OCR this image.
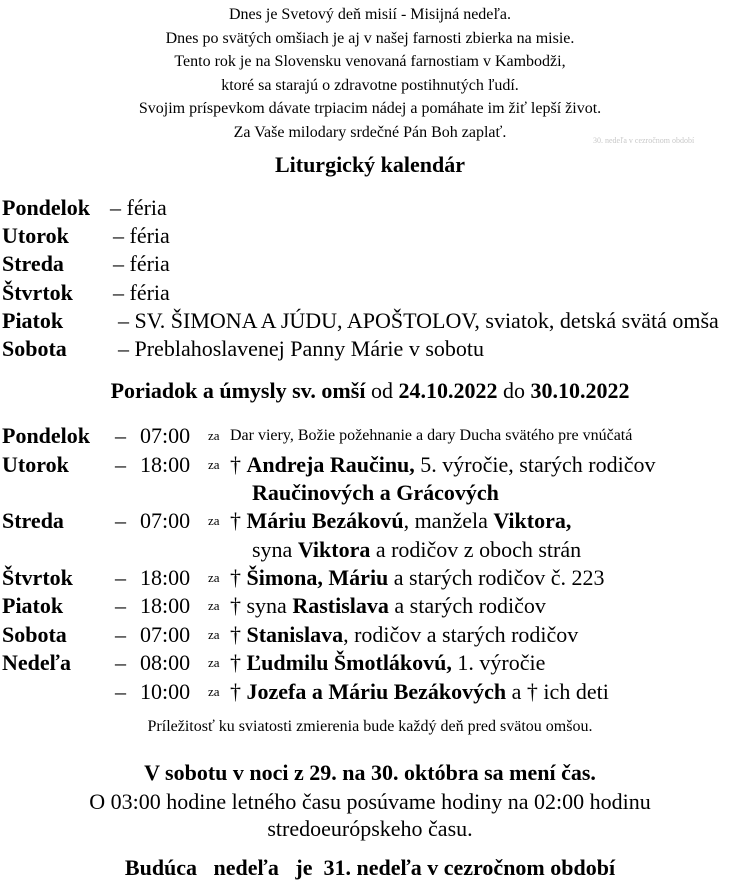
Dnes je Svetový deň misií - Misijná nedeľa.
Dnes po svätých omšiach je aj v našej farnosti zbierka na misie.
Tento rok je na Slovensku venovaná farnostiam v Kambodži,
ktoré sa starajú o zdravotne postihnutých ľudí.
Svojim príspevkom dávate trpiacim nádej a pomáhate im žiť lepší život.
Za Vaše milodary srdečné Pán Boh zaplať.	30. nedeľa v cezročnom období
Liturgický kalendár
Pondelok – féria
Utorok – féria
Streda – féria
Štvrtok – féria
Piatok – SV. ŠIMONA A JÚDU, APOŠTOLOV, sviatok, detská svätá omša
Sobota – Preblahoslavenej Panny Márie v sobotu
Poriadok a úmysly sv. omší od 24.10.2022 do 30.10.2022
Pondelok – 07:00 za Dar viery, Božie požehnanie a dary Ducha svätého pre vnúčatá
Utorok – 18:00 za † Andreja Raučinu, 5. výročie, starých rodičov
Raučinových a Grácových
Streda – 07:00 za † Máriu Bezákovú, manžela Viktora,
syna Viktora a rodičov z oboch strán
Štvrtok – 18:00 za † Šimona, Máriu a starých rodičov č. 223
Piatok – 18:00 za † syna Rastislava a starých rodičov
Sobota – 07:00 za † Stanislava, rodičov a starých rodičov
Nedeľa – 08:00 za † Ľudmilu Šmotlákovú, 1. výročie
– 10:00 za † Jozefa a Máriu Bezákových a † ich deti
Príležitosť ku sviatosti zmierenia bude každý deň pred svätou omšou.
V sobotu v noci z 29. na 30. októbra sa mení čas.
O 03:00 hodine letného času posúvame hodiny na 02:00 hodinu
stredoeurópskeho času.
Budúca   nedeľa   je  31. nedeľa v cezročnom období
